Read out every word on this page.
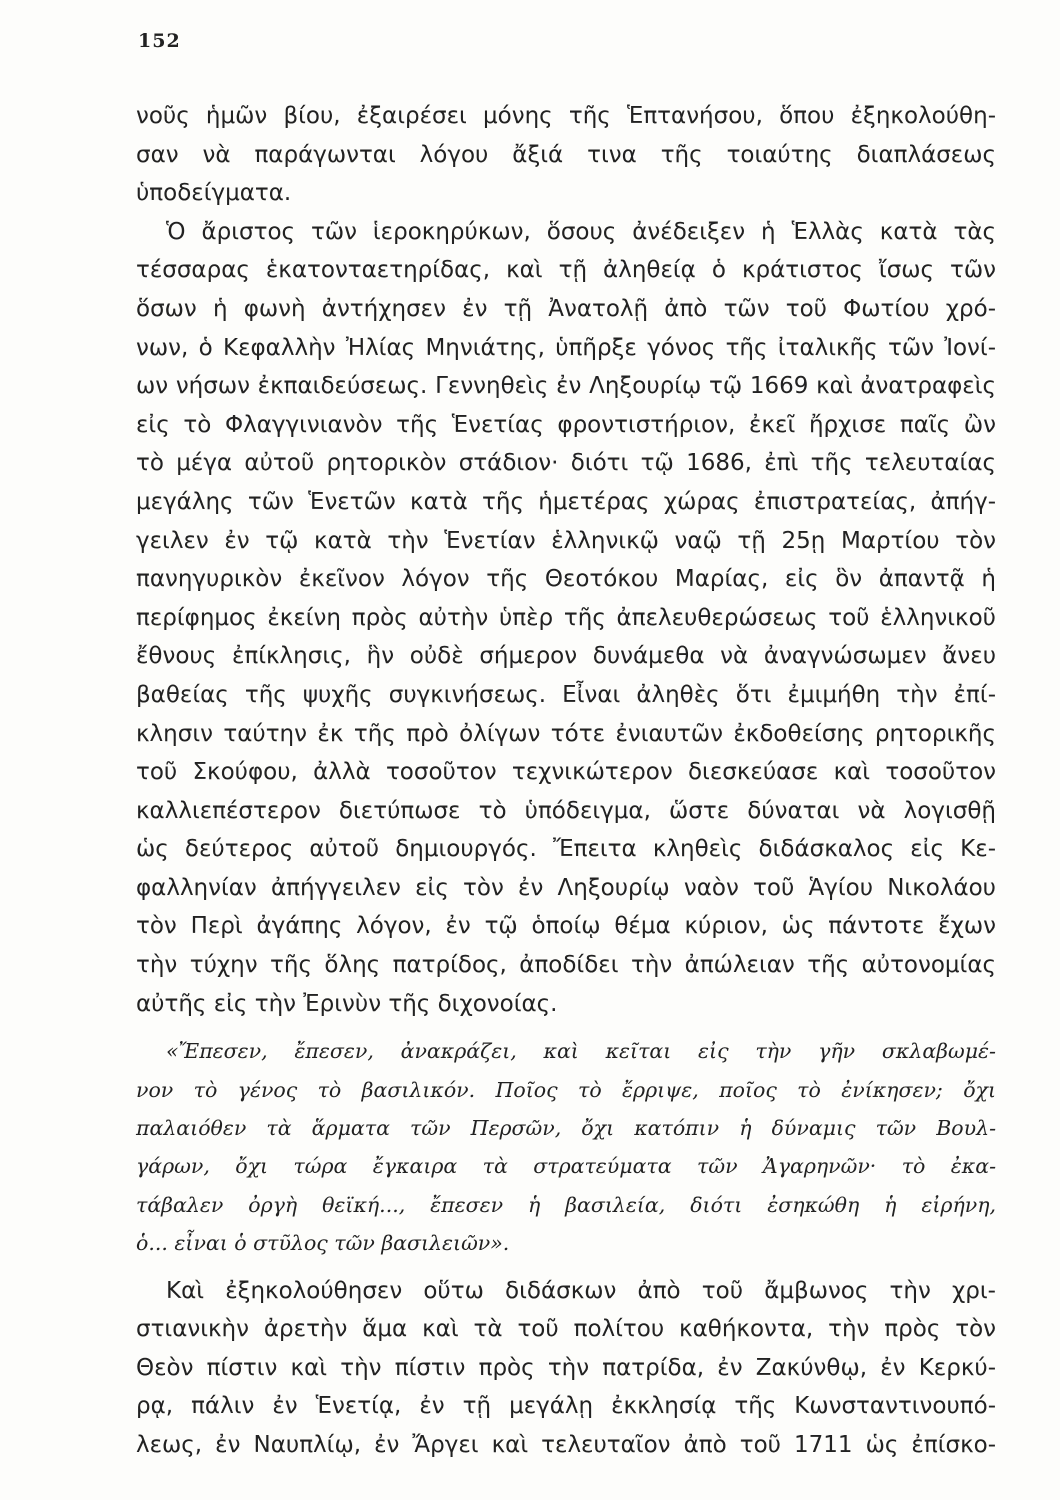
152
νοῦς ἡμῶν βίου, ἐξαιρέσει μόνης τῆς Ἑπτανήσου, ὅπου ἐξηκολούθη-
σαν νὰ παράγωνται λόγου ἄξιά τινα τῆς τοιαύτης διαπλάσεως
ὑποδείγματα.
Ὁ ἄριστος τῶν ἱεροκηρύκων, ὅσους ἀνέδειξεν ἡ Ἑλλὰς κατὰ τὰς
τέσσαρας ἑκατονταετηρίδας, καὶ τῇ ἀληθείᾳ ὁ κράτιστος ἴσως τῶν
ὅσων ἡ φωνὴ ἀντήχησεν ἐν τῇ Ἀνατολῇ ἀπὸ τῶν τοῦ Φωτίου χρό-
νων, ὁ Κεφαλλὴν Ἠλίας Μηνιάτης, ὑπῆρξε γόνος τῆς ἰταλικῆς τῶν Ἰονί-
ων νήσων ἐκπαιδεύσεως. Γεννηθεὶς ἐν Ληξουρίῳ τῷ 1669 καὶ ἀνατραφεὶς
εἰς τὸ Φλαγγινιανὸν τῆς Ἑνετίας φροντιστήριον, ἐκεῖ ἤρχισε παῖς ὢν
τὸ μέγα αὐτοῦ ρητορικὸν στάδιον· διότι τῷ 1686, ἐπὶ τῆς τελευταίας
μεγάλης τῶν Ἑνετῶν κατὰ τῆς ἡμετέρας χώρας ἐπιστρατείας, ἀπήγ-
γειλεν ἐν τῷ κατὰ τὴν Ἑνετίαν ἑλληνικῷ ναῷ τῇ 25ῃ Μαρτίου τὸν
πανηγυρικὸν ἐκεῖνον λόγον τῆς Θεοτόκου Μαρίας, εἰς ὃν ἀπαντᾷ ἡ
περίφημος ἐκείνη πρὸς αὐτὴν ὑπὲρ τῆς ἀπελευθερώσεως τοῦ ἑλληνικοῦ
ἔθνους ἐπίκλησις, ἣν οὐδὲ σήμερον δυνάμεθα νὰ ἀναγνώσωμεν ἄνευ
βαθείας τῆς ψυχῆς συγκινήσεως. Εἶναι ἀληθὲς ὅτι ἐμιμήθη τὴν ἐπί-
κλησιν ταύτην ἐκ τῆς πρὸ ὀλίγων τότε ἐνιαυτῶν ἐκδοθείσης ρητορικῆς
τοῦ Σκούφου, ἀλλὰ τοσοῦτον τεχνικώτερον διεσκεύασε καὶ τοσοῦτον
καλλιεπέστερον διετύπωσε τὸ ὑπόδειγμα, ὥστε δύναται νὰ λογισθῇ
ὡς δεύτερος αὐτοῦ δημιουργός. Ἔπειτα κληθεὶς διδάσκαλος εἰς Κε-
φαλληνίαν ἀπήγγειλεν εἰς τὸν ἐν Ληξουρίῳ ναὸν τοῦ Ἁγίου Νικολάου
τὸν Περὶ ἀγάπης λόγον, ἐν τῷ ὁποίῳ θέμα κύριον, ὡς πάντοτε ἔχων
τὴν τύχην τῆς ὅλης πατρίδος, ἀποδίδει τὴν ἀπώλειαν τῆς αὐτονομίας
αὐτῆς εἰς τὴν Ἐρινὺν τῆς διχονοίας.
«Ἔπεσεν, ἔπεσεν, ἀνακράζει, καὶ κεῖται εἰς τὴν γῆν σκλαβωμέ-
νον τὸ γένος τὸ βασιλικόν. Ποῖος τὸ ἔρριψε, ποῖος τὸ ἐνίκησεν; ὄχι
παλαιόθεν τὰ ἅρματα τῶν Περσῶν, ὄχι κατόπιν ἡ δύναμις τῶν Βουλ-
γάρων, ὄχι τώρα ἔγκαιρα τὰ στρατεύματα τῶν Ἀγαρηνῶν· τὸ ἐκα-
τάβαλεν ὀργὴ θεϊκή..., ἔπεσεν ἡ βασιλεία, διότι ἐσηκώθη ἡ εἰρήνη,
ὁ... εἶναι ὁ στῦλος τῶν βασιλειῶν».
Καὶ ἐξηκολούθησεν οὕτω διδάσκων ἀπὸ τοῦ ἄμβωνος τὴν χρι-
στιανικὴν ἀρετὴν ἅμα καὶ τὰ τοῦ πολίτου καθήκοντα, τὴν πρὸς τὸν
Θεὸν πίστιν καὶ τὴν πίστιν πρὸς τὴν πατρίδα, ἐν Ζακύνθῳ, ἐν Κερκύ-
ρᾳ, πάλιν ἐν Ἑνετίᾳ, ἐν τῇ μεγάλῃ ἐκκλησίᾳ τῆς Κωνσταντινουπό-
λεως, ἐν Ναυπλίῳ, ἐν Ἄργει καὶ τελευταῖον ἀπὸ τοῦ 1711 ὡς ἐπίσκο-
